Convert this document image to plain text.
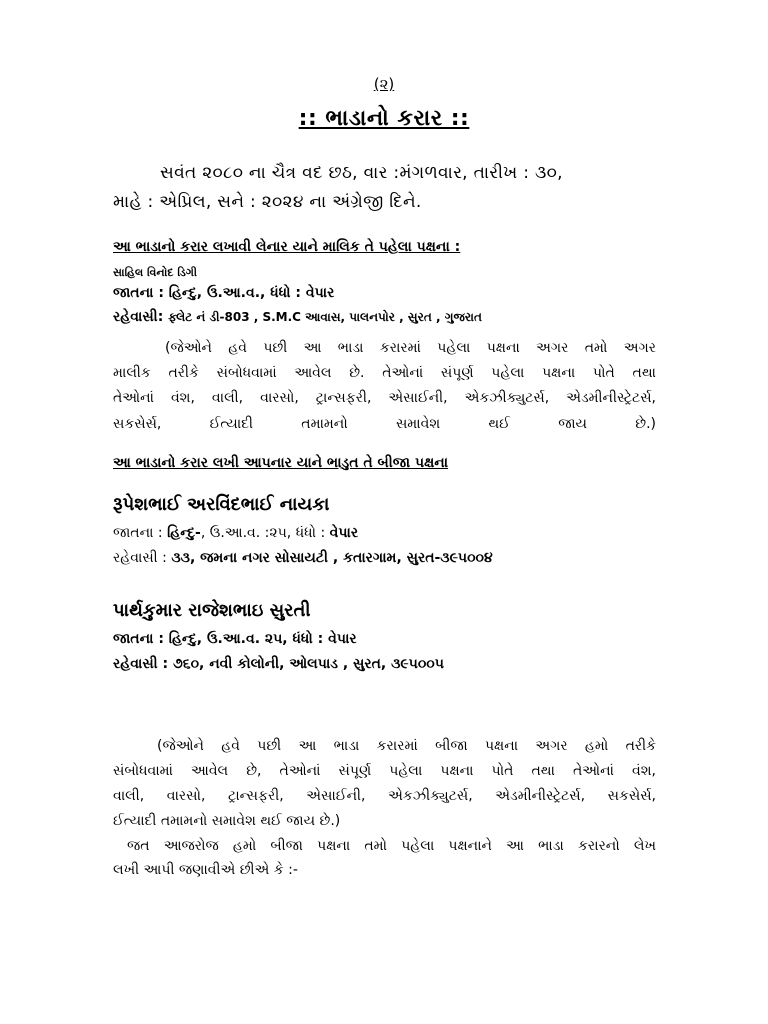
(૨)
:: ભાડાનો કરાર ::
સવંત ૨૦૮૦ ના ચૈત્ર વદ છઠ, વાર :મંગળવાર, તારીખ : ૩૦,
માહે : એપ્રિલ, સને : ૨૦૨૪ ના અંગ્રેજી દિને.
આ ભાડાનો કરાર લખાવી લેનાર યાને માલિક તે પહેલા પક્ષના :
સાહિલ વિનોદ ડિગી
જાતના : હિન્દુ, ઉ.આ.વ., ધંધો : વેપાર
રહેવાસી: ફ્લેટ નં ડી-803 , S.M.C આવાસ, પાલનપોર , સુરત , ગુજરાત
(જેઓને હવે પછી આ ભાડા કરારમાં પહેલા પક્ષના અગર તમો અગર
માલીક તરીકે સંબોધવામાં આવેલ છે. તેઓનાં સંપૂર્ણ પહેલા પક્ષના પોતે તથા
તેઓનાં વંશ, વાલી, વારસો, ટ્રાન્સફરી, એસાઈની, એકઝીક્યુટર્સ, એડમીનીસ્ટ્રેટર્સ,
સકસેર્સ, ઈત્યાદી તમામનો સમાવેશ થઈ જાય છે.)
આ ભાડાનો કરાર લખી આપનાર યાને ભાડુત તે બીજા પક્ષના
રૂપેશભાઈ અરવિંદભાઈ નાયકા
જાતના : હિન્દુ-, ઉ.આ.વ. :૨૫, ધંધો : વેપાર
રહેવાસી : ૩૩, જમના નગર સોસાયટી , કતારગામ, સુરત-૩૯૫૦૦૪
પાર્થકુમાર રાજેશભાઇ સુરતી
જાતના : હિન્દુ, ઉ.આ.વ. ૨૫, ધંધો : વેપાર
રહેવાસી : ૭૬૦, નવી કોલોની, ઓલપાડ , સુરત, ૩૯૫૦૦૫
(જેઓને હવે પછી આ ભાડા કરારમાં બીજા પક્ષના અગર હમો તરીકે
સંબોધવામાં આવેલ છે, તેઓનાં સંપૂર્ણ પહેલા પક્ષના પોતે તથા તેઓનાં વંશ,
વાલી, વારસો, ટ્રાન્સફરી, એસાઈની, એકઝીક્યુટર્સ, એડમીનીસ્ટ્રેટર્સ, સકસેર્સ,
ઈત્યાદી તમામનો સમાવેશ થઈ જાય છે.)
જત આજરોજ હમો બીજા પક્ષના તમો પહેલા પક્ષનાને આ ભાડા કરારનો લેખ
લખી આપી જણાવીએ છીએ કે :-
